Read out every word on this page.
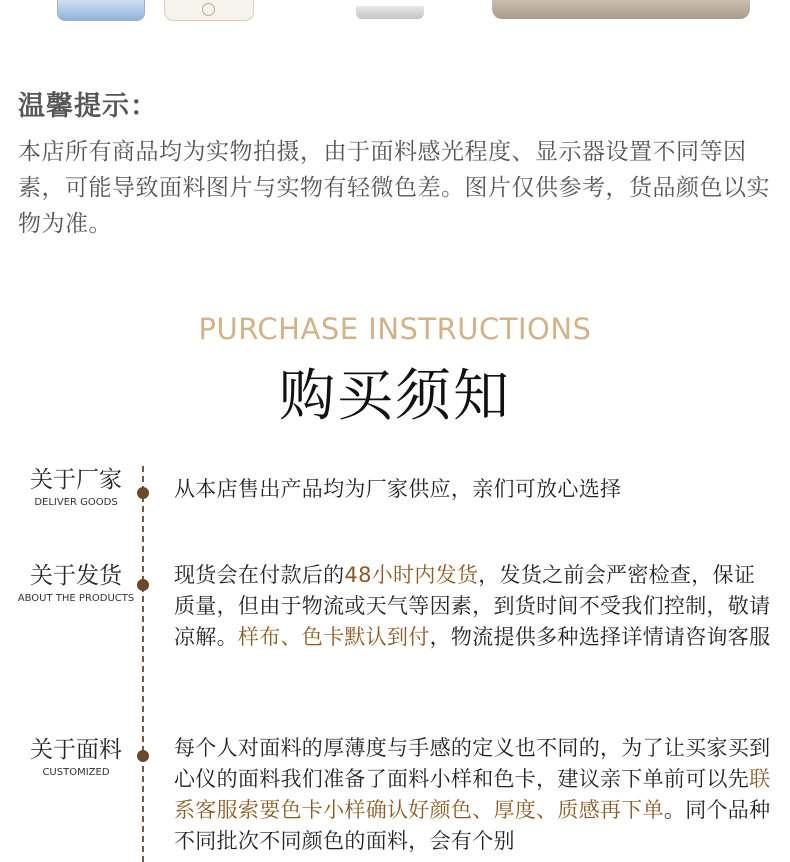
温馨提示：
本店所有商品均为实物拍摄，由于面料感光程度、显示器设置不同等因素，可能导致面料图片与实物有轻微色差。图片仅供参考，货品颜色以实物为准。
PURCHASE INSTRUCTIONS
购买须知
关于厂家
DELIVER GOODS
从本店售出产品均为厂家供应，亲们可放心选择
关于发货
ABOUT THE PRODUCTS
现货会在付款后的48小时内发货，发货之前会严密检查，保证质量，但由于物流或天气等因素，到货时间不受我们控制，敬请凉解。样布、色卡默认到付，物流提供多种选择详情请咨询客服
关于面料
CUSTOMIZED
每个人对面料的厚薄度与手感的定义也不同的，为了让买家买到心仪的面料我们准备了面料小样和色卡，建议亲下单前可以先联系客服索要色卡小样确认好颜色、厚度、质感再下单。同个品种不同批次不同颜色的面料，会有个别
